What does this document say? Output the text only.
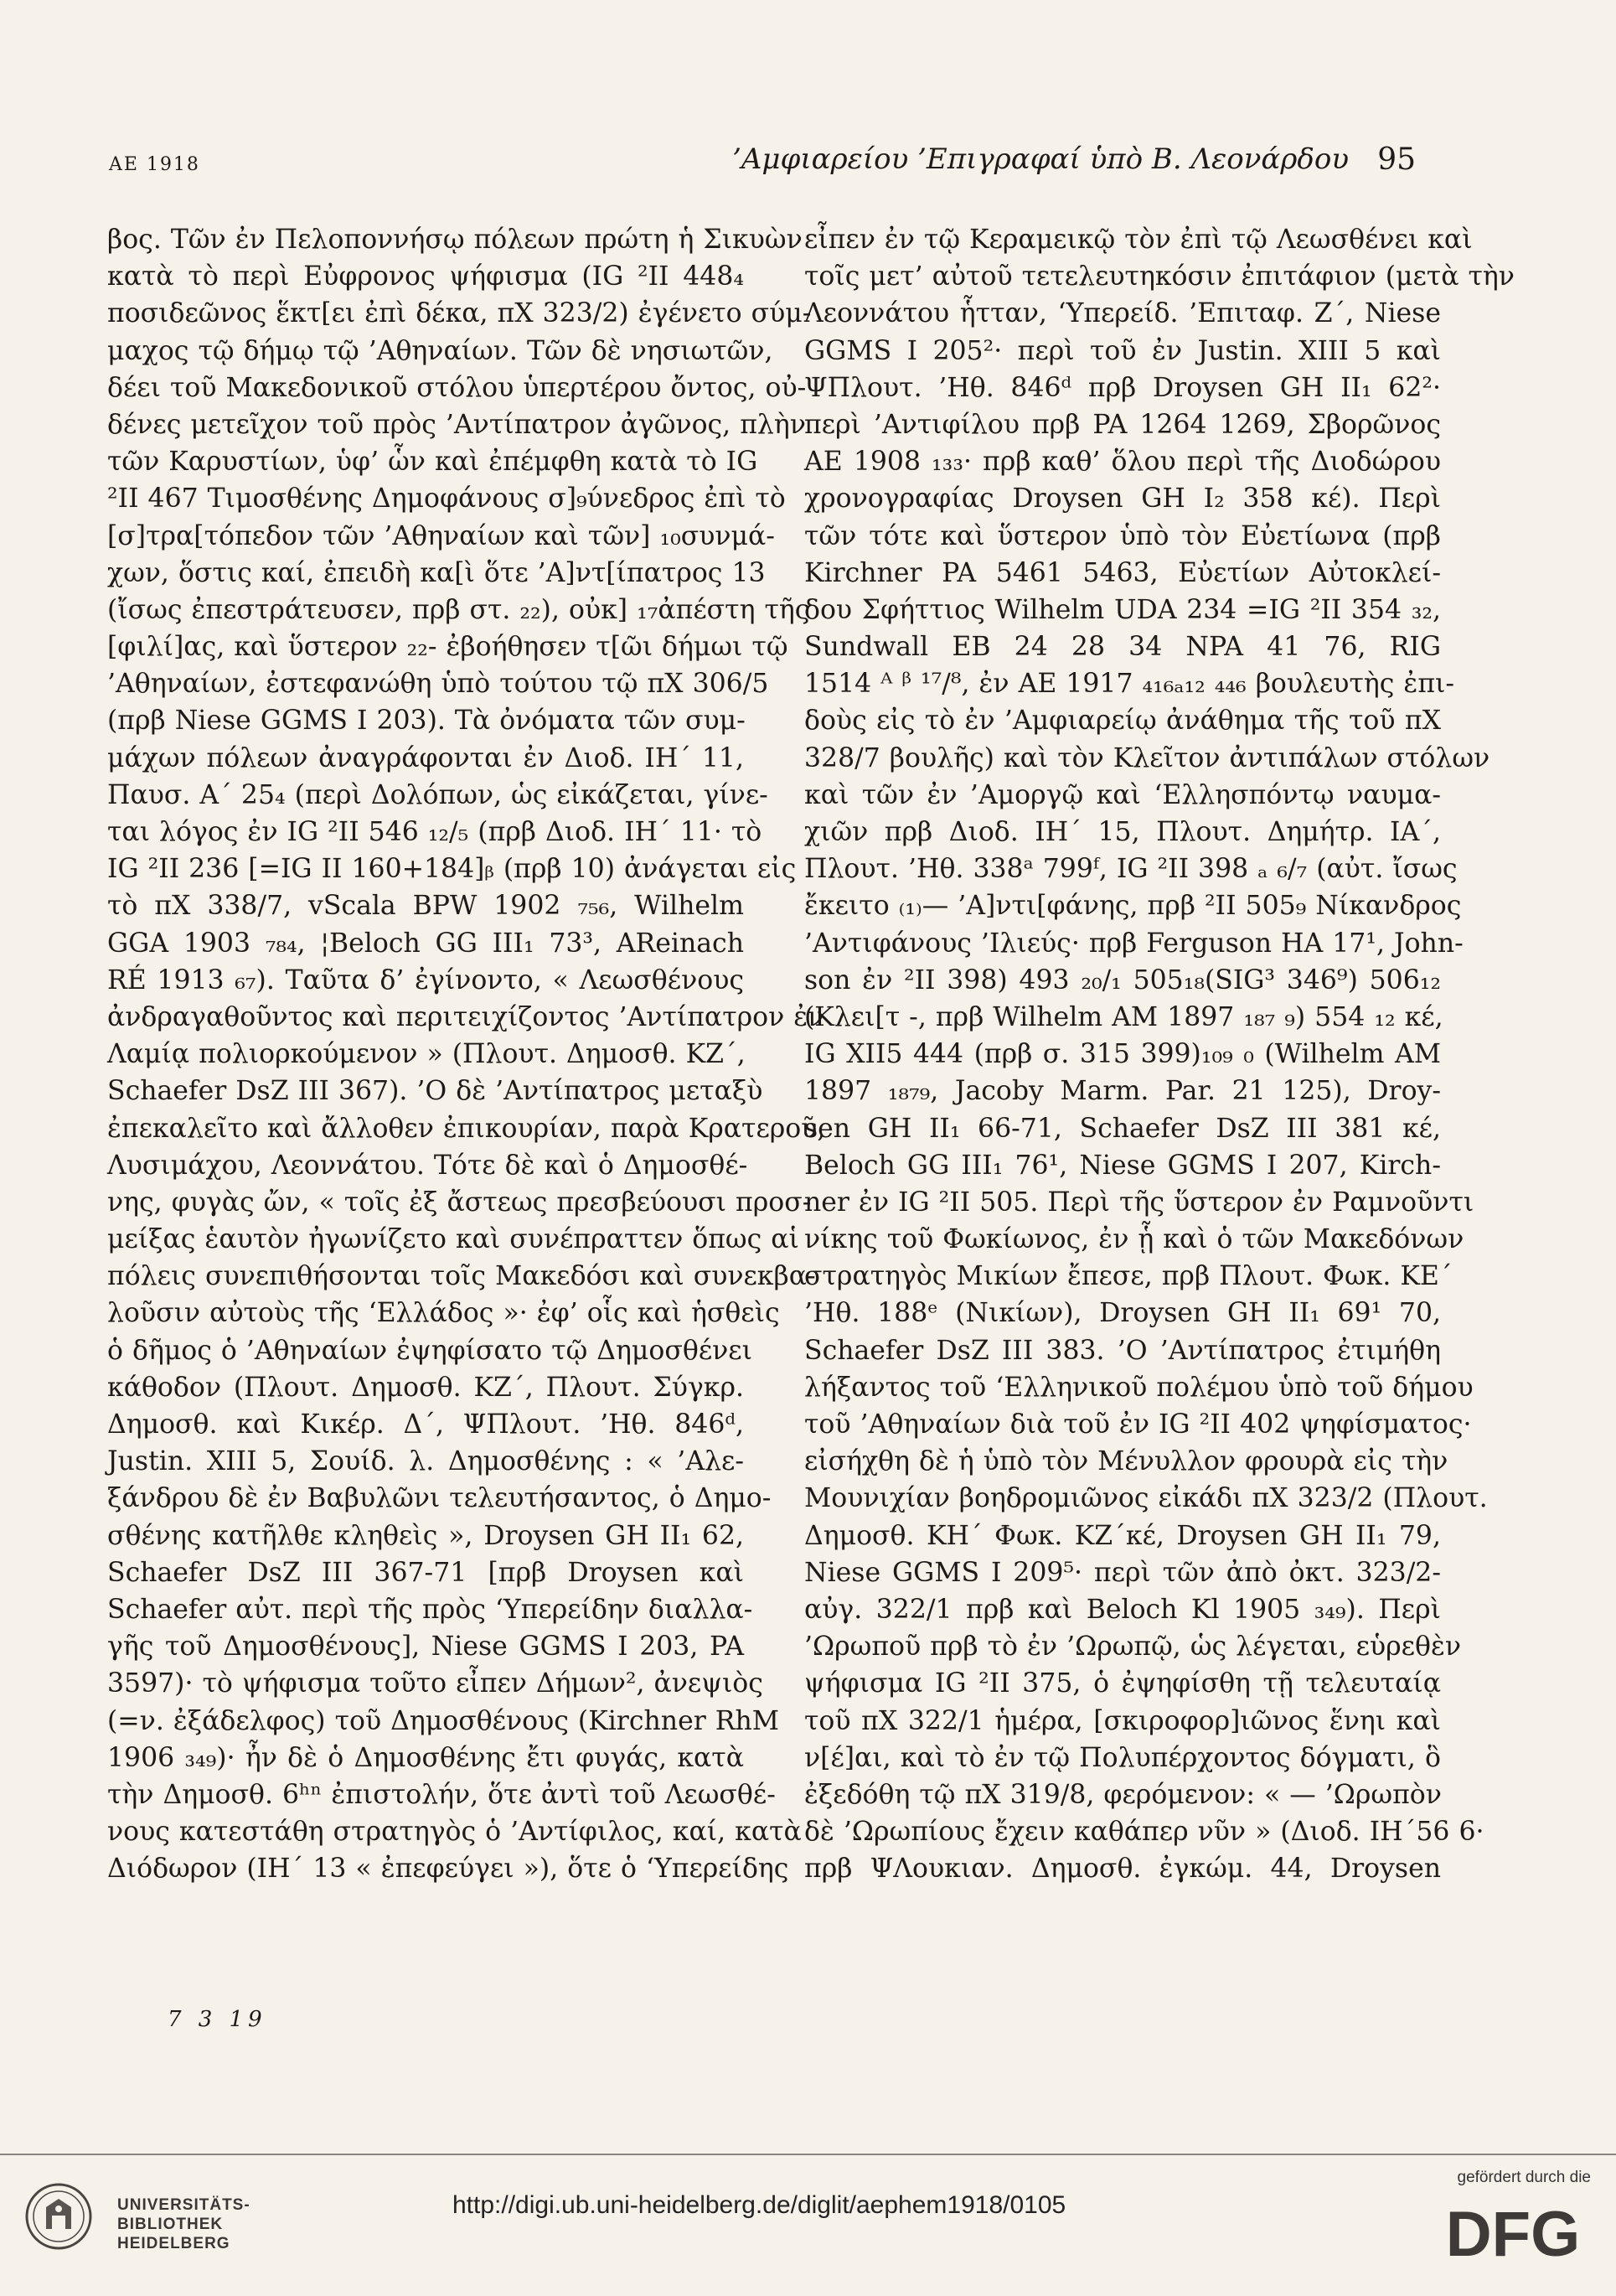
ΑΕ 1918	’Αμφιαρείου ’Επιγραφαί ὑπὸ Β. Λεονάρδου 95
βος. Τῶν ἐν Πελοποννήσῳ πόλεων πρώτη ἡ Σικυὼν
κατὰ τὸ περὶ Εὐφρονος ψήφισμα (IG ²ΙΙ 448₄
ποσιδεῶνος ἕκτ[ει ἐπὶ δέκα, πΧ 323/2) ἐγένετο σύμ-
μαχος τῷ δήμῳ τῷ ’Αθηναίων. Τῶν δὲ νησιωτῶν,
δέει τοῦ Μακεδονικοῦ στόλου ὑπερτέρου ὄντος, οὐ-
δένες μετεῖχον τοῦ πρὸς ’Αντίπατρον ἀγῶνος, πλὴν
τῶν Καρυστίων, ὑφ’ ὧν καὶ ἐπέμφθη κατὰ τὸ IG
²ΙΙ 467 Τιμοσθένης Δημοφάνους σ]₉ύνεδρος ἐπὶ τὸ
[σ]τρα[τόπεδον τῶν ’Αθηναίων καὶ τῶν] ₁₀συνμά-
χων, ὅστις καί, ἐπειδὴ κα[ὶ ὅτε ’Α]ντ[ίπατρος 13
(ἴσως ἐπεστράτευσεν, πρβ στ. ₂₂), οὐκ] ₁₇ἀπέστη τῆς
[φιλί]ας, καὶ ὕστερον ₂₂- ἐβοήθησεν τ[ῶι δήμωι τῷ
’Αθηναίων, ἐστεφανώθη ὑπὸ τούτου τῷ πΧ 306/5
(πρβ Niese GGMS I 203). Τὰ ὀνόματα τῶν συμ-
μάχων πόλεων ἀναγράφονται ἐν Διοδ. ΙΗ΄ 11,
Παυσ. Α΄ 25₄ (περὶ Δολόπων, ὡς εἰκάζεται, γίνε-
ται λόγος ἐν IG ²ΙΙ 546 ₁₂/₅ (πρβ Διοδ. ΙΗ΄ 11· τὸ
IG ²ΙΙ 236 [=IG II 160+184]ᵦ (πρβ 10) ἀνάγεται εἰς
τὸ πΧ 338/7, vScala BPW 1902 ₇₅₆, Wilhelm
GGA 1903 ₇₈₄, ¦Beloch GG III₁ 73³, AReinach
RÉ 1913 ₆₇). Ταῦτα δ’ ἐγίνοντο, « Λεωσθένους
ἀνδραγαθοῦντος καὶ περιτειχίζοντος ’Αντίπατρον ἐν
Λαμίᾳ πολιορκούμενον » (Πλουτ. Δημοσθ. ΚΖ΄,
Schaefer DsZ III 367). ’Ο δὲ ’Αντίπατρος μεταξὺ
ἐπεκαλεῖτο καὶ ἄλλοθεν ἐπικουρίαν, παρὰ Κρατεροῦ,
Λυσιμάχου, Λεοννάτου. Τότε δὲ καὶ ὁ Δημοσθέ-
νης, φυγὰς ὤν, « τοῖς ἐξ ἄστεως πρεσβεύουσι προσ-
μείξας ἑαυτὸν ἠγωνίζετο καὶ συνέπραττεν ὅπως αἱ
πόλεις συνεπιθήσονται τοῖς Μακεδόσι καὶ συνεκβα-
λοῦσιν αὐτοὺς τῆς ‘Ελλάδος »· ἐφ’ οἷς καὶ ἡσθεὶς
ὁ δῆμος ὁ ’Αθηναίων ἐψηφίσατο τῷ Δημοσθένει
κάθοδον (Πλουτ. Δημοσθ. ΚΖ΄, Πλουτ. Σύγκρ.
Δημοσθ. καὶ Κικέρ. Δ΄, ΨΠλουτ. ’Ηθ. 846ᵈ,
Justin. XIII 5, Σουίδ. λ. Δημοσθένης : « ’Αλε-
ξάνδρου δὲ ἐν Βαβυλῶνι τελευτήσαντος, ὁ Δημο-
σθένης κατῆλθε κληθεὶς », Droysen GH II₁ 62,
Schaefer DsZ III 367-71 [πρβ Droysen καὶ
Schaefer αὐτ. περὶ τῆς πρὸς ‘Υπερείδην διαλλα-
γῆς τοῦ Δημοσθένους], Niese GGMS I 203, PA
3597)· τὸ ψήφισμα τοῦτο εἶπεν Δήμων², ἀνεψιὸς
(=ν. ἐξάδελφος) τοῦ Δημοσθένους (Kirchner RhM
1906 ₃₄₉)· ἦν δὲ ὁ Δημοσθένης ἔτι φυγάς, κατὰ
τὴν Δημοσθ. 6ʰⁿ ἐπιστολήν, ὅτε ἀντὶ τοῦ Λεωσθέ-
νους κατεστάθη στρατηγὸς ὁ ’Αντίφιλος, καί, κατὰ
Διόδωρον (ΙΗ΄ 13 « ἐπεφεύγει »), ὅτε ὁ ‘Υπερείδης
εἶπεν ἐν τῷ Κεραμεικῷ τὸν ἐπὶ τῷ Λεωσθένει καὶ
τοῖς μετ’ αὐτοῦ τετελευτηκόσιν ἐπιτάφιον (μετὰ τὴν
Λεοννάτου ἧτταν, ‘Υπερείδ. ’Επιταφ. Ζ΄, Niese
GGMS I 205²· περὶ τοῦ ἐν Justin. XIII 5 καὶ
ΨΠλουτ. ’Ηθ. 846ᵈ πρβ Droysen GH II₁ 62²·
περὶ ’Αντιφίλου πρβ PA 1264 1269, Σβορῶνος
ΑΕ 1908 ₁₃₃· πρβ καθ’ ὅλου περὶ τῆς Διοδώρου
χρονογραφίας Droysen GH I₂ 358 κέ). Περὶ
τῶν τότε καὶ ὕστερον ὑπὸ τὸν Εὐετίωνα (πρβ
Kirchner PA 5461 5463, Εὐετίων Αὐτοκλεί-
δου Σφήττιος Wilhelm UDA 234 =IG ²ΙΙ 354 ₃₂,
Sundwall EB 24 28 34 NPA 41 76, RIG
1514 ᴬ ᵝ ¹⁷/⁸, ἐν ΑΕ 1917 ₄₁₆ₐ₁₂ ₄₄₆ βουλευτὴς ἐπι-
δοὺς εἰς τὸ ἐν ’Αμφιαρείῳ ἀνάθημα τῆς τοῦ πΧ
328/7 βουλῆς) καὶ τὸν Κλεῖτον ἀντιπάλων στόλων
καὶ τῶν ἐν ’Αμοργῷ καὶ ‘Ελλησπόντῳ ναυμα-
χιῶν πρβ Διοδ. ΙΗ΄ 15, Πλουτ. Δημήτρ. ΙΑ΄,
Πλουτ. ’Ηθ. 338ᵃ 799ᶠ, IG ²ΙΙ 398 ₐ ₆/₇ (αὐτ. ἴσως
ἔκειτο ₍₁₎— ’Α]ντι[φάνης, πρβ ²ΙΙ 505₉ Νίκανδρος
’Αντιφάνους ’Ιλιεύς· πρβ Ferguson HA 17¹, John-
son ἐν ²ΙΙ 398) 493 ₂₀/₁ 505₁₈(SIG³ 346⁹) 506₁₂
(Κλει[τ -, πρβ Wilhelm AM 1897 ₁₈₇ ₉) 554 ₁₂ κέ,
IG XII5 444 (πρβ σ. 315 399)₁₀₉ ₀ (Wilhelm AM
1897 ₁₈₇₉, Jacoby Marm. Par. 21 125), Droy-
sen GH II₁ 66-71, Schaefer DsZ III 381 κέ,
Beloch GG III₁ 76¹, Niese GGMS I 207, Kirch-
ner ἐν IG ²ΙΙ 505. Περὶ τῆς ὕστερον ἐν Ραμνοῦντι
νίκης τοῦ Φωκίωνος, ἐν ᾗ καὶ ὁ τῶν Μακεδόνων
στρατηγὸς Μικίων ἔπεσε, πρβ Πλουτ. Φωκ. ΚΕ΄
’Ηθ. 188ᵉ (Νικίων), Droysen GH II₁ 69¹ 70,
Schaefer DsZ III 383. ’Ο ’Αντίπατρος ἐτιμήθη
λήξαντος τοῦ ‘Ελληνικοῦ πολέμου ὑπὸ τοῦ δήμου
τοῦ ’Αθηναίων διὰ τοῦ ἐν IG ²ΙΙ 402 ψηφίσματος·
εἰσήχθη δὲ ἡ ὑπὸ τὸν Μένυλλον φρουρὰ εἰς τὴν
Μουνιχίαν βοηδρομιῶνος εἰκάδι πΧ 323/2 (Πλουτ.
Δημοσθ. ΚΗ΄ Φωκ. ΚΖ΄κέ, Droysen GH II₁ 79,
Niese GGMS I 209⁵· περὶ τῶν ἀπὸ ὀκτ. 323/2-
αὐγ. 322/1 πρβ καὶ Beloch Kl 1905 ₃₄₉). Περὶ
’Ωρωποῦ πρβ τὸ ἐν ’Ωρωπῷ, ὡς λέγεται, εὑρεθὲν
ψήφισμα IG ²ΙΙ 375, ὁ ἐψηφίσθη τῇ τελευταίᾳ
τοῦ πΧ 322/1 ἡμέρα, [σκιροφορ]ιῶνος ἕνηι καὶ
ν[έ]αι, καὶ τὸ ἐν τῷ Πολυπέρχοντος δόγματι, ὃ
ἐξεδόθη τῷ πΧ 319/8, φερόμενον: « — ’Ωρωπὸν
δὲ ’Ωρωπίους ἔχειν καθάπερ νῦν » (Διοδ. ΙΗ΄56 6·
πρβ ΨΛουκιαν. Δημοσθ. ἐγκώμ. 44, Droysen
7 3 19
UNIVERSITÄTS-
BIBLIOTHEK
HEIDELBERG
http://digi.ub.uni-heidelberg.de/diglit/aephem1918/0105
gefördert durch die
DFG
